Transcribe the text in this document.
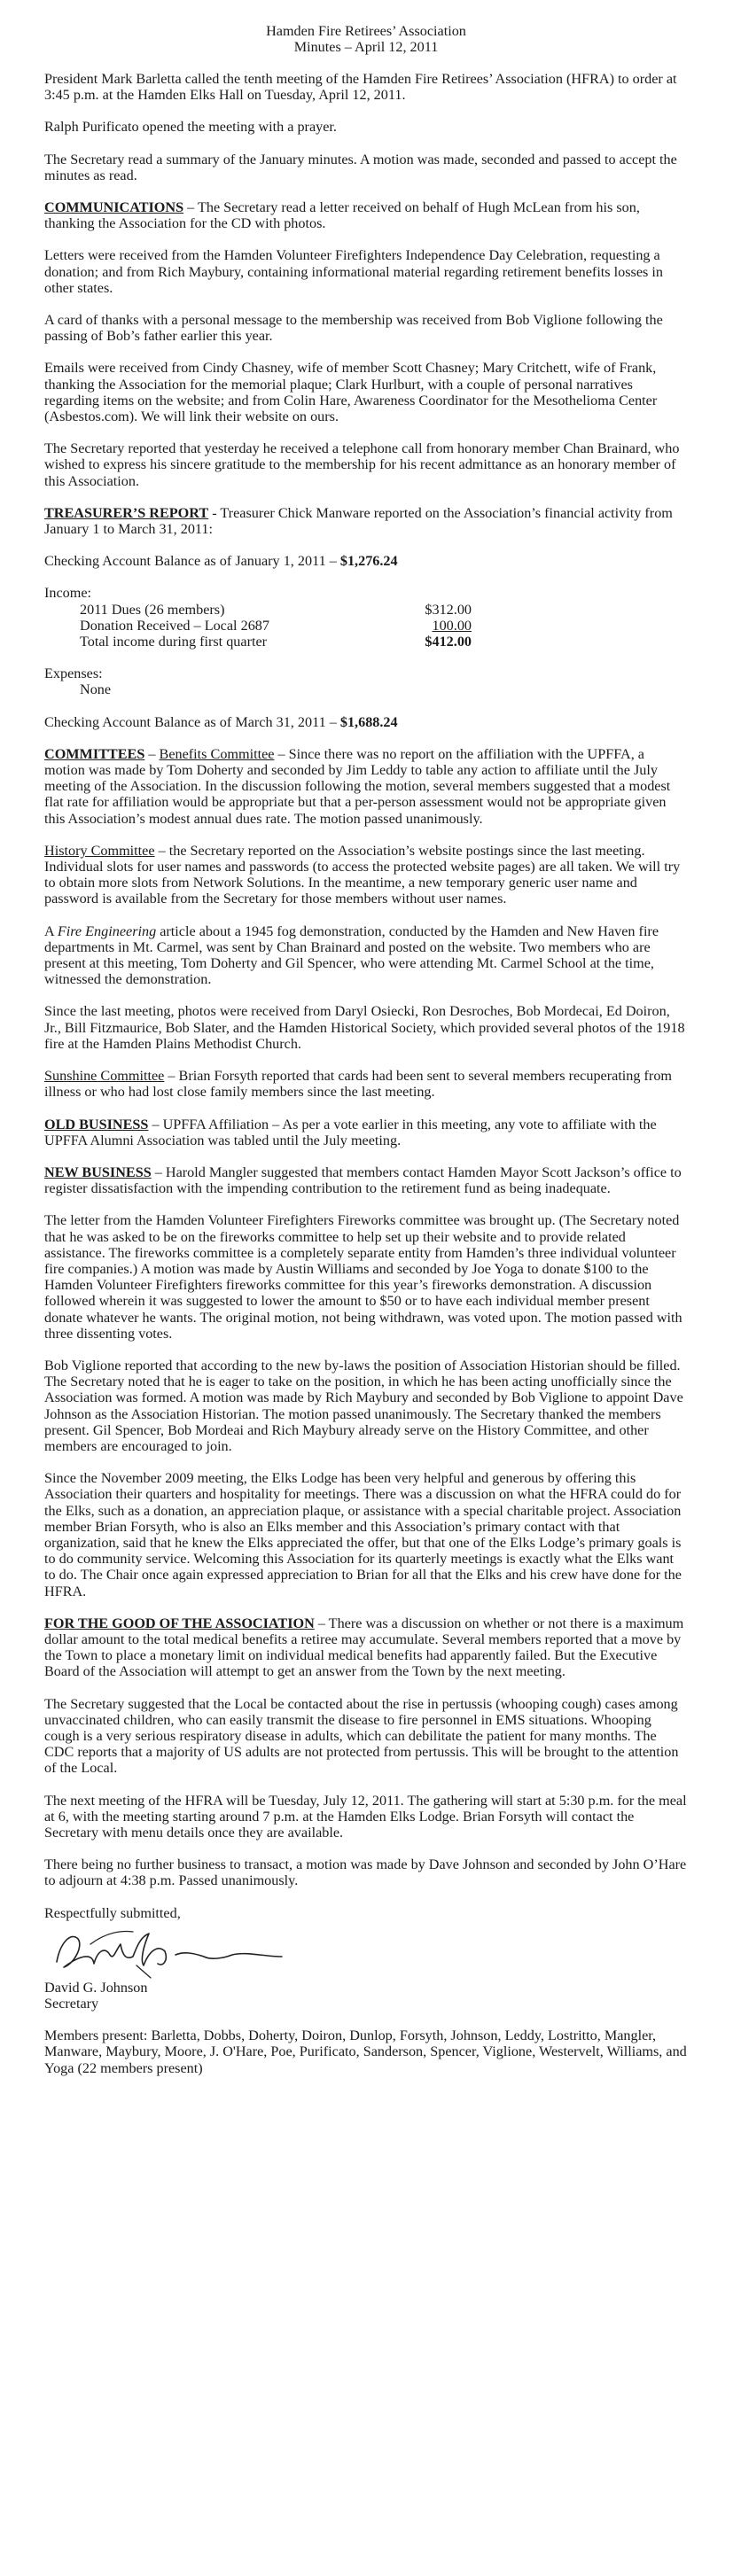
Hamden Fire Retirees’ Association
Minutes – April 12, 2011

President Mark Barletta called the tenth meeting of the Hamden Fire Retirees’ Association (HFRA) to order at 3:45 p.m. at the Hamden Elks Hall on Tuesday, April 12, 2011.

Ralph Purificato opened the meeting with a prayer.

The Secretary read a summary of the January minutes. A motion was made, seconded and passed to accept the minutes as read.

COMMUNICATIONS – The Secretary read a letter received on behalf of Hugh McLean from his son, thanking the Association for the CD with photos.

Letters were received from the Hamden Volunteer Firefighters Independence Day Celebration, requesting a donation; and from Rich Maybury, containing informational material regarding retirement benefits losses in other states.

A card of thanks with a personal message to the membership was received from Bob Viglione following the passing of Bob’s father earlier this year.

Emails were received from Cindy Chasney, wife of member Scott Chasney; Mary Critchett, wife of Frank, thanking the Association for the memorial plaque; Clark Hurlburt, with a couple of personal narratives regarding items on the website; and from Colin Hare, Awareness Coordinator for the Mesothelioma Center (Asbestos.com). We will link their website on ours.

The Secretary reported that yesterday he received a telephone call from honorary member Chan Brainard, who wished to express his sincere gratitude to the membership for his recent admittance as an honorary member of this Association.

TREASURER’S REPORT - Treasurer Chick Manware reported on the Association’s financial activity from January 1 to March 31, 2011:

Checking Account Balance as of January 1, 2011 – $1,276.24

Income:
2011 Dues (26 members)	$312.00
Donation Received – Local 2687	100.00
Total income during first quarter	$412.00
Expenses:
None

Checking Account Balance as of March 31, 2011 – $1,688.24

COMMITTEES – Benefits Committee – Since there was no report on the affiliation with the UPFFA, a motion was made by Tom Doherty and seconded by Jim Leddy to table any action to affiliate until the July meeting of the Association. In the discussion following the motion, several members suggested that a modest flat rate for affiliation would be appropriate but that a per-person assessment would not be appropriate given this Association’s modest annual dues rate. The motion passed unanimously.

History Committee – the Secretary reported on the Association’s website postings since the last meeting. Individual slots for user names and passwords (to access the protected website pages) are all taken. We will try to obtain more slots from Network Solutions. In the meantime, a new temporary generic user name and password is available from the Secretary for those members without user names.

A Fire Engineering article about a 1945 fog demonstration, conducted by the Hamden and New Haven fire departments in Mt. Carmel, was sent by Chan Brainard and posted on the website. Two members who are present at this meeting, Tom Doherty and Gil Spencer, who were attending Mt. Carmel School at the time, witnessed the demonstration.

Since the last meeting, photos were received from Daryl Osiecki, Ron Desroches, Bob Mordecai, Ed Doiron, Jr., Bill Fitzmaurice, Bob Slater, and the Hamden Historical Society, which provided several photos of the 1918 fire at the Hamden Plains Methodist Church.

Sunshine Committee – Brian Forsyth reported that cards had been sent to several members recuperating from illness or who had lost close family members since the last meeting.

OLD BUSINESS – UPFFA Affiliation – As per a vote earlier in this meeting, any vote to affiliate with the UPFFA Alumni Association was tabled until the July meeting.

NEW BUSINESS – Harold Mangler suggested that members contact Hamden Mayor Scott Jackson’s office to register dissatisfaction with the impending contribution to the retirement fund as being inadequate.

The letter from the Hamden Volunteer Firefighters Fireworks committee was brought up. (The Secretary noted that he was asked to be on the fireworks committee to help set up their website and to provide related assistance. The fireworks committee is a completely separate entity from Hamden’s three individual volunteer fire companies.) A motion was made by Austin Williams and seconded by Joe Yoga to donate $100 to the Hamden Volunteer Firefighters fireworks committee for this year’s fireworks demonstration. A discussion followed wherein it was suggested to lower the amount to $50 or to have each individual member present donate whatever he wants. The original motion, not being withdrawn, was voted upon. The motion passed with three dissenting votes.

Bob Viglione reported that according to the new by-laws the position of Association Historian should be filled. The Secretary noted that he is eager to take on the position, in which he has been acting unofficially since the Association was formed. A motion was made by Rich Maybury and seconded by Bob Viglione to appoint Dave Johnson as the Association Historian. The motion passed unanimously. The Secretary thanked the members present. Gil Spencer, Bob Mordeai and Rich Maybury already serve on the History Committee, and other members are encouraged to join.

Since the November 2009 meeting, the Elks Lodge has been very helpful and generous by offering this Association their quarters and hospitality for meetings. There was a discussion on what the HFRA could do for the Elks, such as a donation, an appreciation plaque, or assistance with a special charitable project. Association member Brian Forsyth, who is also an Elks member and this Association’s primary contact with that organization, said that he knew the Elks appreciated the offer, but that one of the Elks Lodge’s primary goals is to do community service. Welcoming this Association for its quarterly meetings is exactly what the Elks want to do. The Chair once again expressed appreciation to Brian for all that the Elks and his crew have done for the HFRA.

FOR THE GOOD OF THE ASSOCIATION – There was a discussion on whether or not there is a maximum dollar amount to the total medical benefits a retiree may accumulate. Several members reported that a move by the Town to place a monetary limit on individual medical benefits had apparently failed. But the Executive Board of the Association will attempt to get an answer from the Town by the next meeting.

The Secretary suggested that the Local be contacted about the rise in pertussis (whooping cough) cases among unvaccinated children, who can easily transmit the disease to fire personnel in EMS situations. Whooping cough is a very serious respiratory disease in adults, which can debilitate the patient for many months. The CDC reports that a majority of US adults are not protected from pertussis. This will be brought to the attention of the Local.

The next meeting of the HFRA will be Tuesday, July 12, 2011. The gathering will start at 5:30 p.m. for the meal at 6, with the meeting starting around 7 p.m. at the Hamden Elks Lodge. Brian Forsyth will contact the Secretary with menu details once they are available.

There being no further business to transact, a motion was made by Dave Johnson and seconded by John O’Hare to adjourn at 4:38 p.m. Passed unanimously.

Respectfully submitted,
David G. Johnson
Secretary

Members present: Barletta, Dobbs, Doherty, Doiron, Dunlop, Forsyth, Johnson, Leddy, Lostritto, Mangler, Manware, Maybury, Moore, J. O'Hare, Poe, Purificato, Sanderson, Spencer, Viglione, Westervelt, Williams, and Yoga (22 members present)
